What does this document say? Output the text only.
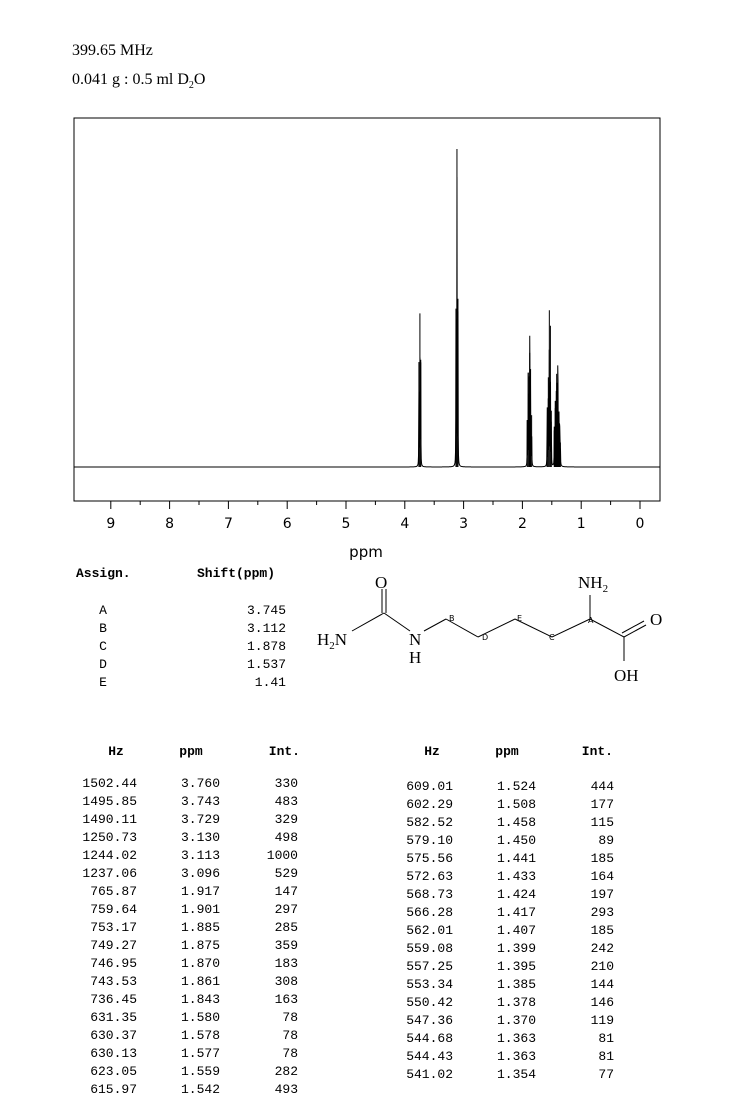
399.65 MHz
0.041 g : 0.5 ml $D_2O$
9	8	7	6	5	4	3	2	1	0
ppm
Assign.	Shift(ppm)
A	3.745
B	3.112
C	1.878
D	1.537
E	1.41
O
$H_2N$	N
H
B
D
E
C
A
$NH_2$
O
OH
Hz	ppm	Int.
1502.44	3.760	330
1495.85	3.743	483
1490.11	3.729	329
1250.73	3.130	498
1244.02	3.113	1000
1237.06	3.096	529
765.87	1.917	147
759.64	1.901	297
753.17	1.885	285
749.27	1.875	359
746.95	1.870	183
743.53	1.861	308
736.45	1.843	163
631.35	1.580	78
630.37	1.578	78
630.13	1.577	78
623.05	1.559	282
615.97	1.542	493
Hz	ppm	Int.
609.01	1.524	444
602.29	1.508	177
582.52	1.458	115
579.10	1.450	89
575.56	1.441	185
572.63	1.433	164
568.73	1.424	197
566.28	1.417	293
562.01	1.407	185
559.08	1.399	242
557.25	1.395	210
553.34	1.385	144
550.42	1.378	146
547.36	1.370	119
544.68	1.363	81
544.43	1.363	81
541.02	1.354	77
